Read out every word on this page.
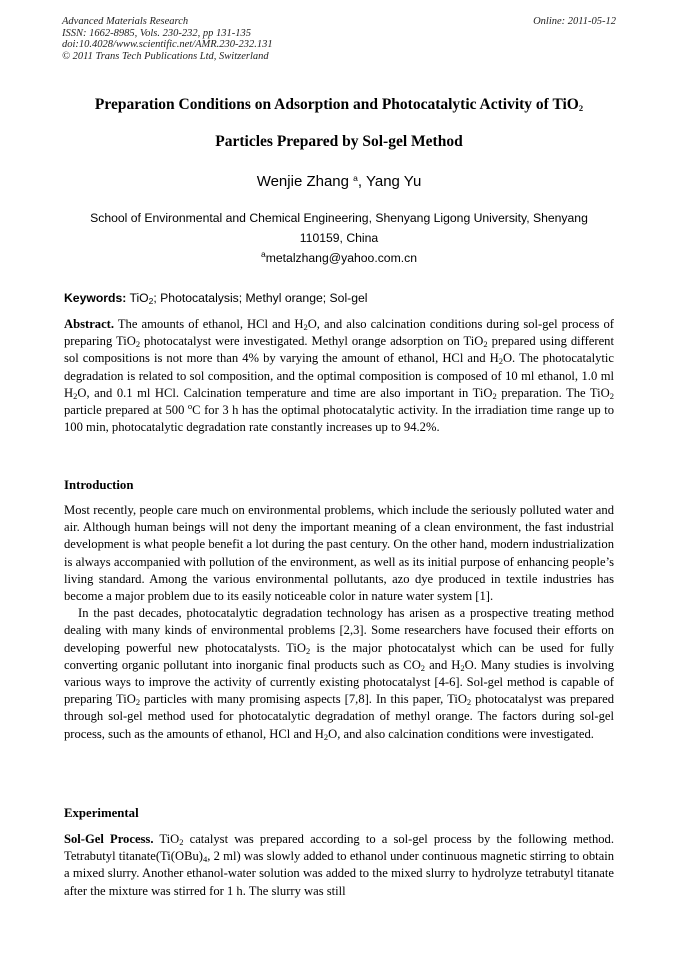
Advanced Materials Research
ISSN: 1662-8985, Vols. 230-232, pp 131-135
doi:10.4028/www.scientific.net/AMR.230-232.131
© 2011 Trans Tech Publications Ltd, Switzerland
Online: 2011-05-12
Preparation Conditions on Adsorption and Photocatalytic Activity of TiO$_2$
Particles Prepared by Sol-gel Method
Wenjie Zhang $^a$, Yang Yu
School of Environmental and Chemical Engineering, Shenyang Ligong University, Shenyang
110159, China
$^a$metalzhang@yahoo.com.cn
Keywords: TiO$_2$; Photocatalysis; Methyl orange; Sol-gel

Abstract. The amounts of ethanol, HCl and $H_2O$, and also calcination conditions during sol-gel process of preparing TiO$_2$ photocatalyst were investigated. Methyl orange adsorption on TiO$_2$ prepared using different sol compositions is not more than 4% by varying the amount of ethanol, HCl and $H_2O$. The photocatalytic degradation is related to sol composition, and the optimal composition is composed of 10 ml ethanol, 1.0 ml $H_2O$, and 0.1 ml HCl. Calcination temperature and time are also important in TiO$_2$ preparation. The TiO$_2$ particle prepared at 500 $^o$C for 3 h has the optimal photocatalytic activity. In the irradiation time range up to 100 min, photocatalytic degradation rate constantly increases up to 94.2%.

Introduction

Most recently, people care much on environmental problems, which include the seriously polluted water and air. Although human beings will not deny the important meaning of a clean environment, the fast industrial development is what people benefit a lot during the past century. On the other hand, modern industrialization is always accompanied with pollution of the environment, as well as its initial purpose of enhancing people’s living standard. Among the various environmental pollutants, azo dye produced in textile industries has become a major problem due to its easily noticeable color in nature water system [1].

In the past decades, photocatalytic degradation technology has arisen as a prospective treating method dealing with many kinds of environmental problems [2,3]. Some researchers have focused their efforts on developing powerful new photocatalysts. TiO$_2$ is the major photocatalyst which can be used for fully converting organic pollutant into inorganic final products such as $CO_2$ and $H_2O$. Many studies is involving various ways to improve the activity of currently existing photocatalyst [4-6]. Sol-gel method is capable of preparing TiO$_2$ particles with many promising aspects [7,8]. In this paper, TiO$_2$ photocatalyst was prepared through sol-gel method used for photocatalytic degradation of methyl orange. The factors during sol-gel process, such as the amounts of ethanol, HCl and $H_2O$, and also calcination conditions were investigated.

Experimental

Sol-Gel Process. TiO$_2$ catalyst was prepared according to a sol-gel process by the following method. Tetrabutyl $titanate(Ti(OBu)_4$, 2 ml) was slowly added to ethanol under continuous magnetic stirring to obtain a mixed slurry. Another ethanol-water solution was added to the mixed slurry to hydrolyze tetrabutyl titanate after the mixture was stirred for 1 h. The slurry was still
